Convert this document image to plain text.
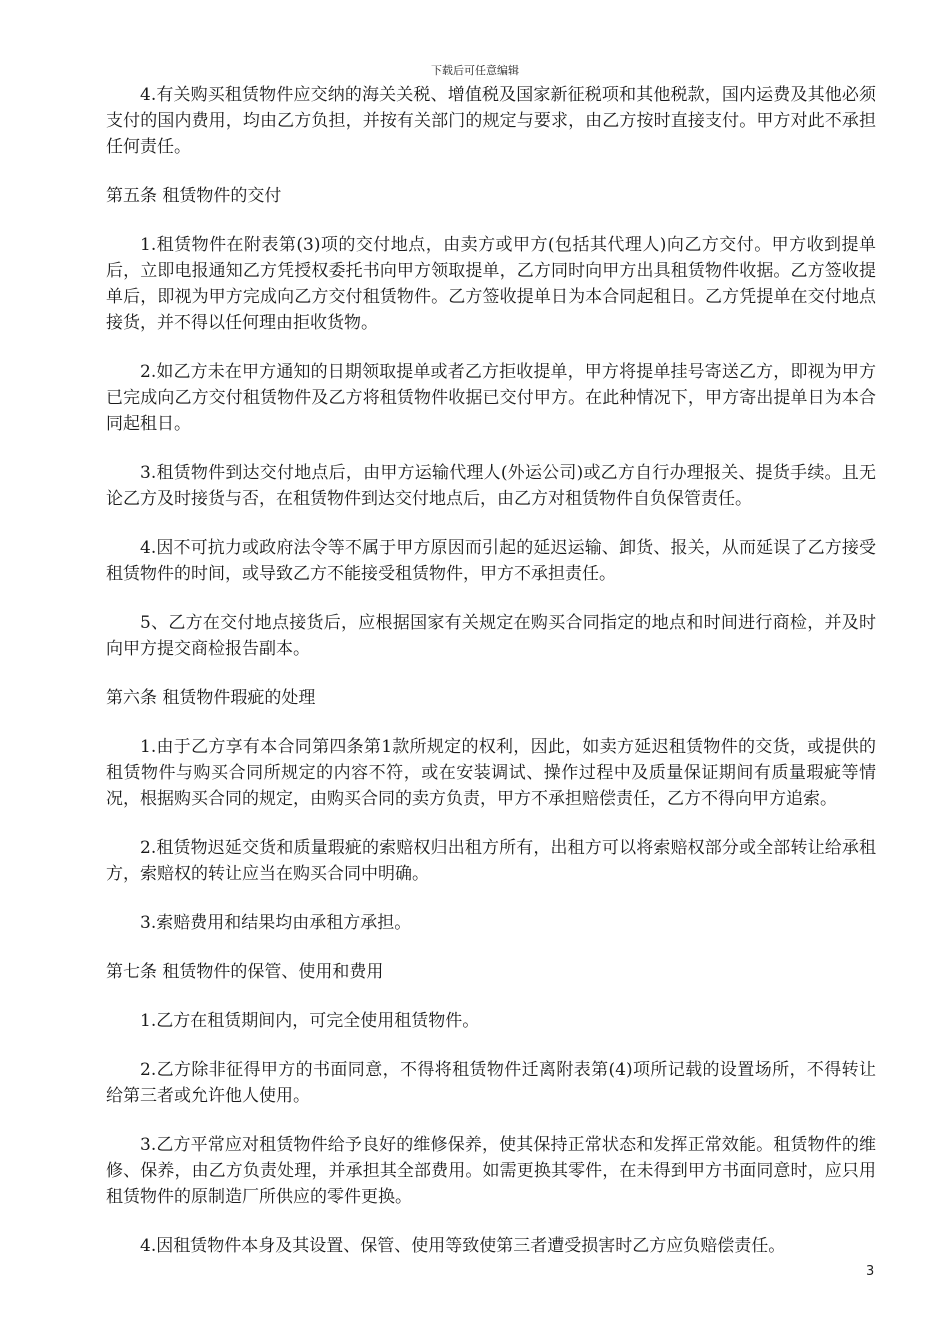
下载后可任意编辑

4.有关购买租赁物件应交纳的海关关税、增值税及国家新征税项和其他税款，国内运费及其他必须支付的国内费用，均由乙方负担，并按有关部门的规定与要求，由乙方按时直接支付。甲方对此不承担任何责任。

第五条 租赁物件的交付

1.租赁物件在附表第(3)项的交付地点，由卖方或甲方(包括其代理人)向乙方交付。甲方收到提单后，立即电报通知乙方凭授权委托书向甲方领取提单，乙方同时向甲方出具租赁物件收据。乙方签收提单后，即视为甲方完成向乙方交付租赁物件。乙方签收提单日为本合同起租日。乙方凭提单在交付地点接货，并不得以任何理由拒收货物。

2.如乙方未在甲方通知的日期领取提单或者乙方拒收提单，甲方将提单挂号寄送乙方，即视为甲方已完成向乙方交付租赁物件及乙方将租赁物件收据已交付甲方。在此种情况下，甲方寄出提单日为本合同起租日。

3.租赁物件到达交付地点后，由甲方运输代理人(外运公司)或乙方自行办理报关、提货手续。且无论乙方及时接货与否，在租赁物件到达交付地点后，由乙方对租赁物件自负保管责任。

4.因不可抗力或政府法令等不属于甲方原因而引起的延迟运输、卸货、报关，从而延误了乙方接受租赁物件的时间，或导致乙方不能接受租赁物件，甲方不承担责任。

5、乙方在交付地点接货后，应根据国家有关规定在购买合同指定的地点和时间进行商检，并及时向甲方提交商检报告副本。

第六条 租赁物件瑕疵的处理

1.由于乙方享有本合同第四条第1款所规定的权利，因此，如卖方延迟租赁物件的交货，或提供的租赁物件与购买合同所规定的内容不符，或在安装调试、操作过程中及质量保证期间有质量瑕疵等情况，根据购买合同的规定，由购买合同的卖方负责，甲方不承担赔偿责任，乙方不得向甲方追索。

2.租赁物迟延交货和质量瑕疵的索赔权归出租方所有，出租方可以将索赔权部分或全部转让给承租方，索赔权的转让应当在购买合同中明确。

3.索赔费用和结果均由承租方承担。

第七条 租赁物件的保管、使用和费用

1.乙方在租赁期间内，可完全使用租赁物件。

2.乙方除非征得甲方的书面同意，不得将租赁物件迁离附表第(4)项所记载的设置场所，不得转让给第三者或允许他人使用。

3.乙方平常应对租赁物件给予良好的维修保养，使其保持正常状态和发挥正常效能。租赁物件的维修、保养，由乙方负责处理，并承担其全部费用。如需更换其零件，在未得到甲方书面同意时，应只用租赁物件的原制造厂所供应的零件更换。

4.因租赁物件本身及其设置、保管、使用等致使第三者遭受损害时乙方应负赔偿责任。

3
